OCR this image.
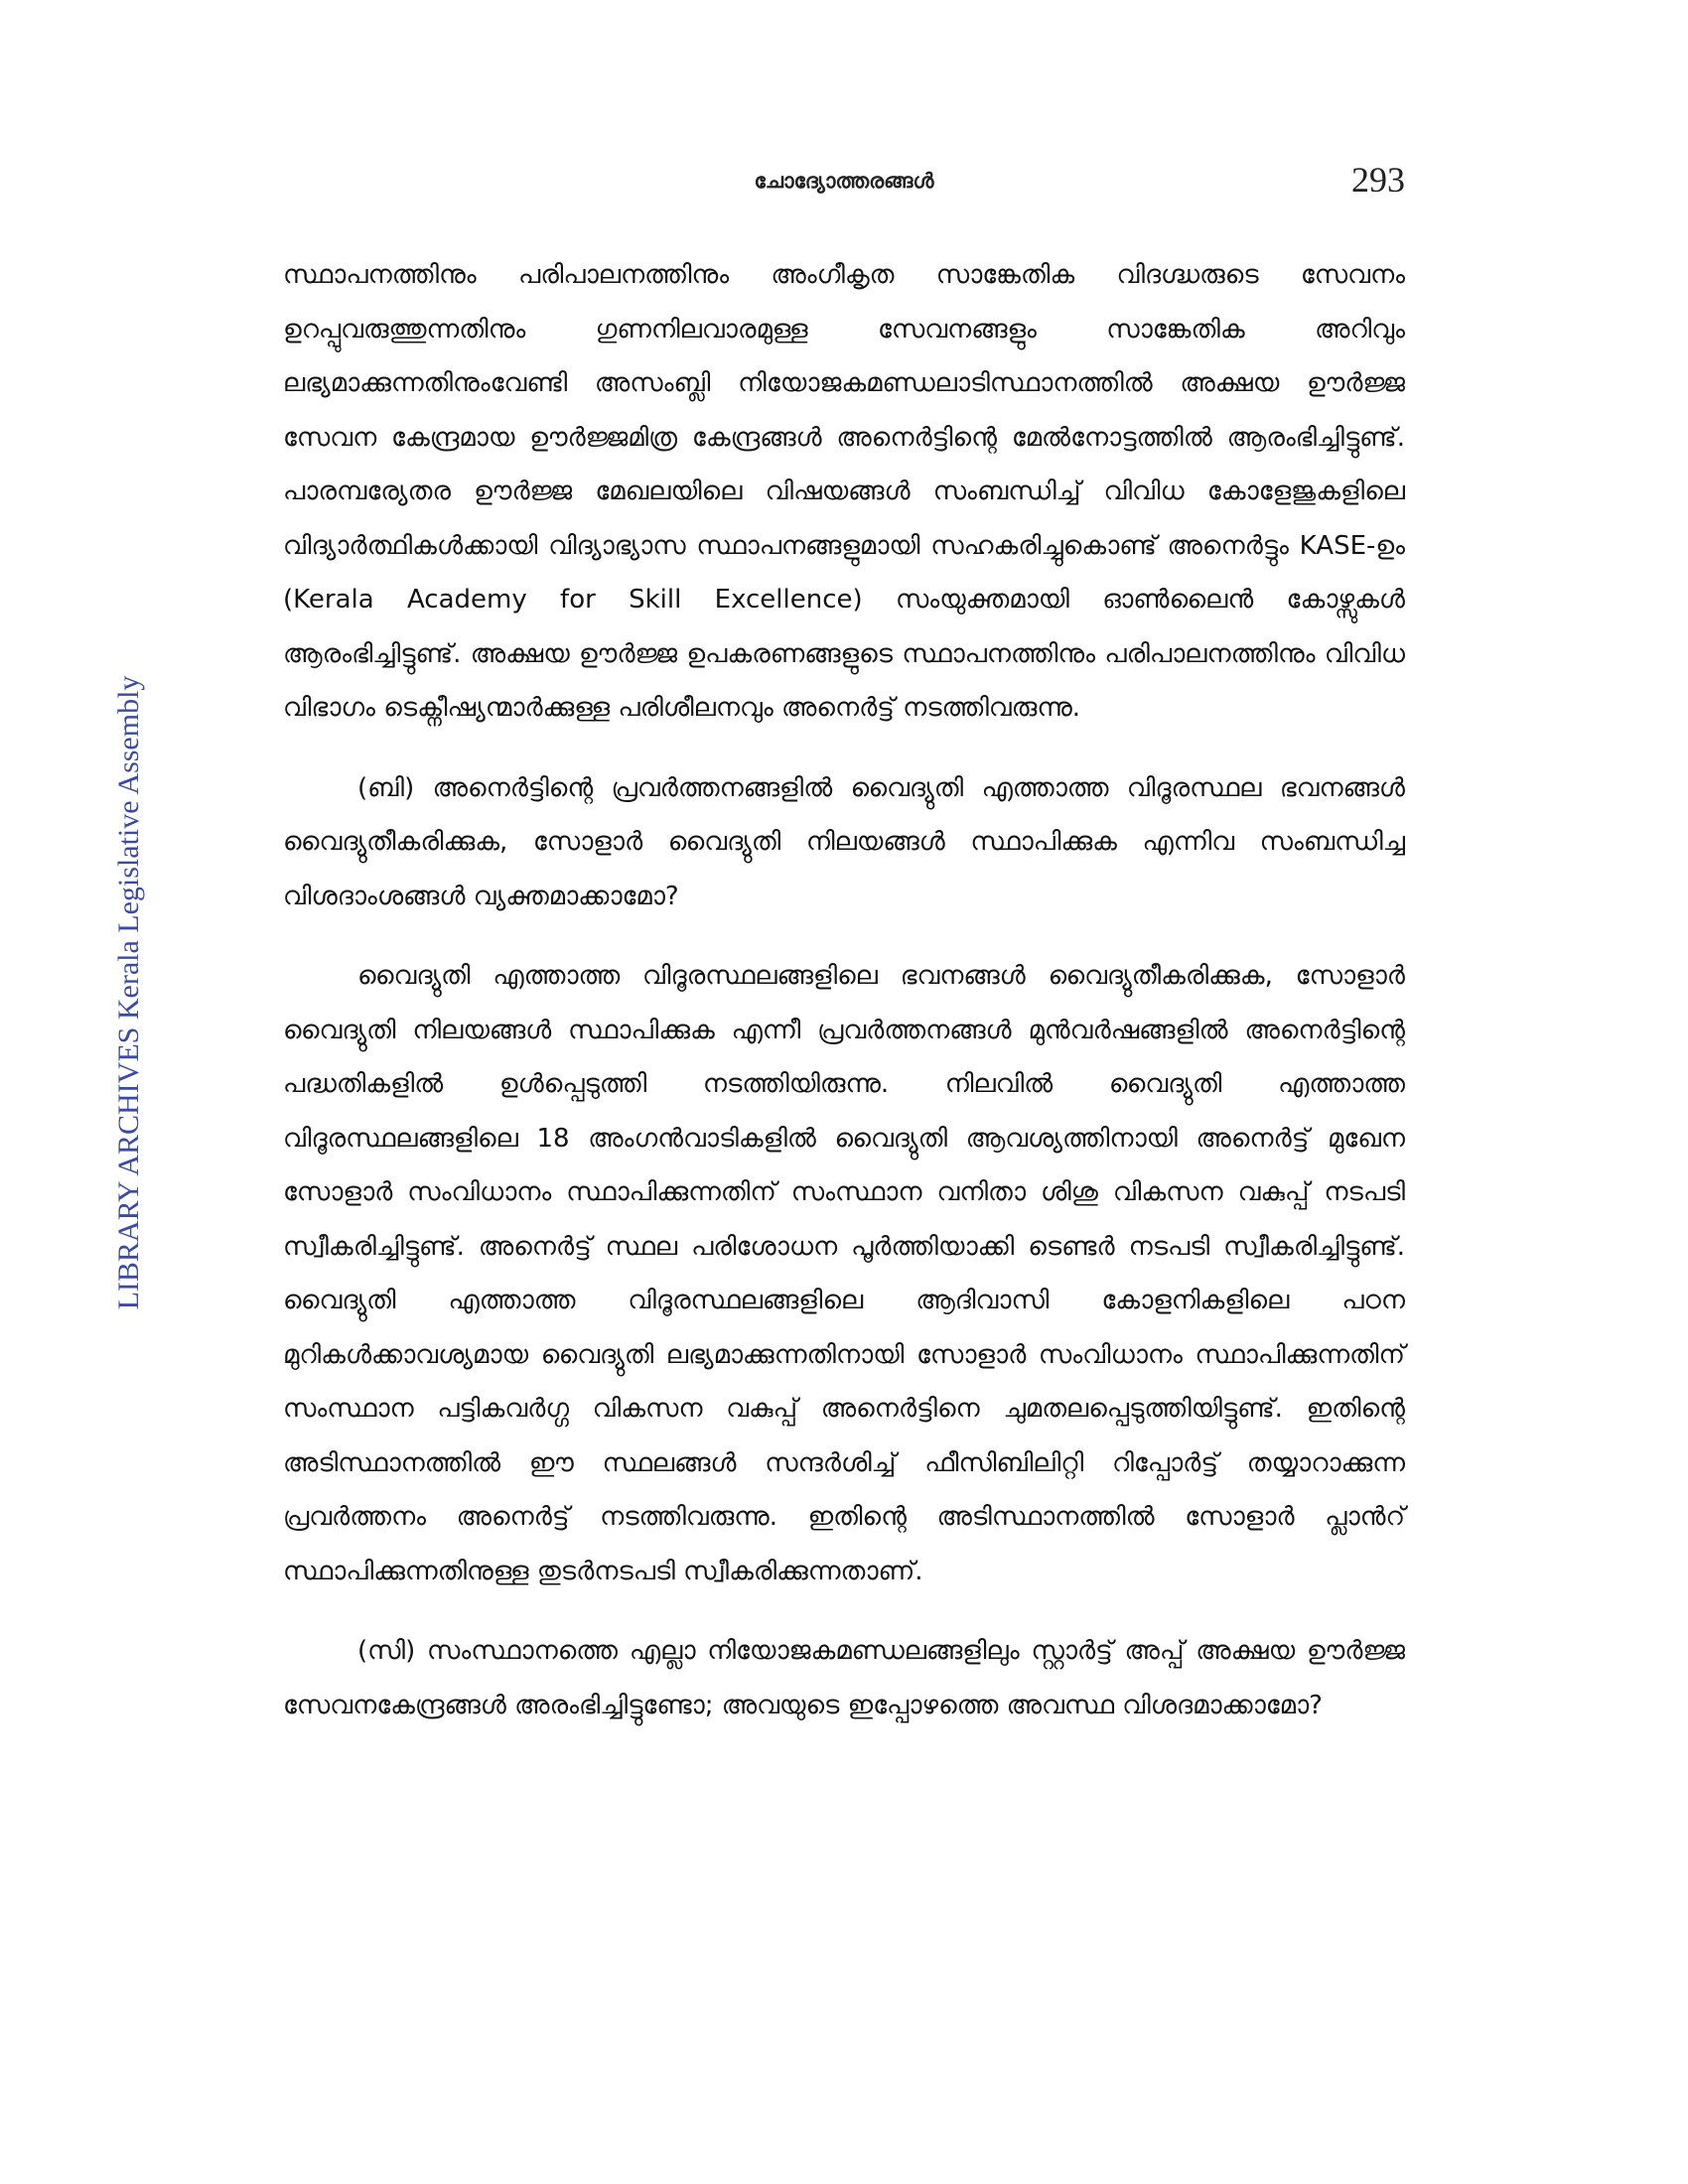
ചോദ്യോത്തരങ്ങൾ	293
LIBRARY ARCHIVES Kerala Legislative Assembly

സ്ഥാപനത്തിനും പരിപാലനത്തിനും അംഗീകൃത സാങ്കേതിക വിദഗ്ദ്ധരുടെ സേവനം ഉറപ്പുവരുത്തുന്നതിനും ഗുണനിലവാരമുള്ള സേവനങ്ങളും സാങ്കേതിക അറിവും ലഭ്യമാക്കുന്നതിനുംവേണ്ടി അസംബ്ലി നിയോജകമണ്ഡലാടിസ്ഥാനത്തിൽ അക്ഷയ ഊർജ്ജ സേവന കേന്ദ്രമായ ഊർജ്ജമിത്ര കേന്ദ്രങ്ങൾ അനെർട്ടിന്റെ മേൽനോട്ടത്തിൽ ആരംഭിച്ചിട്ടുണ്ട്. പാരമ്പര്യേതര ഊർജ്ജ മേഖലയിലെ വിഷയങ്ങൾ സംബന്ധിച്ച് വിവിധ കോളേജുകളിലെ വിദ്യാർത്ഥികൾക്കായി വിദ്യാഭ്യാസ സ്ഥാപനങ്ങളുമായി സഹകരിച്ചുകൊണ്ട് അനെർട്ടും KASE-ഉം (Kerala Academy for Skill Excellence) സംയുക്തമായി ഓൺലൈൻ കോഴ്സുകൾ ആരംഭിച്ചിട്ടുണ്ട്. അക്ഷയ ഊർജ്ജ ഉപകരണങ്ങളുടെ സ്ഥാപനത്തിനും പരിപാലനത്തിനും വിവിധ വിഭാഗം ടെക്നീഷ്യന്മാർക്കുള്ള പരിശീലനവും അനെർട്ട് നടത്തിവരുന്നു.

(ബി) അനെർട്ടിന്റെ പ്രവർത്തനങ്ങളിൽ വൈദ്യുതി എത്താത്ത വിദൂരസ്ഥല ഭവനങ്ങൾ വൈദ്യുതീകരിക്കുക, സോളാർ വൈദ്യുതി നിലയങ്ങൾ സ്ഥാപിക്കുക എന്നിവ സംബന്ധിച്ച വിശദാംശങ്ങൾ വ്യക്തമാക്കാമോ?

വൈദ്യുതി എത്താത്ത വിദൂരസ്ഥലങ്ങളിലെ ഭവനങ്ങൾ വൈദ്യുതീകരിക്കുക, സോളാർ വൈദ്യുതി നിലയങ്ങൾ സ്ഥാപിക്കുക എന്നീ പ്രവർത്തനങ്ങൾ മുൻവർഷങ്ങളിൽ അനെർട്ടിന്റെ പദ്ധതികളിൽ ഉൾപ്പെടുത്തി നടത്തിയിരുന്നു. നിലവിൽ വൈദ്യുതി എത്താത്ത വിദൂരസ്ഥലങ്ങളിലെ 18 അംഗൻവാടികളിൽ വൈദ്യുതി ആവശ്യത്തിനായി അനെർട്ട് മുഖേന സോളാർ സംവിധാനം സ്ഥാപിക്കുന്നതിന് സംസ്ഥാന വനിതാ ശിശു വികസന വകുപ്പ് നടപടി സ്വീകരിച്ചിട്ടുണ്ട്. അനെർട്ട് സ്ഥല പരിശോധന പൂർത്തിയാക്കി ടെണ്ടർ നടപടി സ്വീകരിച്ചിട്ടുണ്ട്. വൈദ്യുതി എത്താത്ത വിദൂരസ്ഥലങ്ങളിലെ ആദിവാസി കോളനികളിലെ പഠന മുറികൾക്കാവശ്യമായ വൈദ്യുതി ലഭ്യമാക്കുന്നതിനായി സോളാർ സംവിധാനം സ്ഥാപിക്കുന്നതിന് സംസ്ഥാന പട്ടികവർഗ്ഗ വികസന വകുപ്പ് അനെർട്ടിനെ ചുമതലപ്പെടുത്തിയിട്ടുണ്ട്. ഇതിന്റെ അടിസ്ഥാനത്തിൽ ഈ സ്ഥലങ്ങൾ സന്ദർശിച്ച് ഫീസിബിലിറ്റി റിപ്പോർട്ട് തയ്യാറാക്കുന്ന പ്രവർത്തനം അനെർട്ട് നടത്തിവരുന്നു. ഇതിന്റെ അടിസ്ഥാനത്തിൽ സോളാർ പ്ലാൻറ് സ്ഥാപിക്കുന്നതിനുള്ള തുടർനടപടി സ്വീകരിക്കുന്നതാണ്.

(സി) സംസ്ഥാനത്തെ എല്ലാ നിയോജകമണ്ഡലങ്ങളിലും സ്റ്റാർട്ട് അപ്പ് അക്ഷയ ഊർജ്ജ സേവനകേന്ദ്രങ്ങൾ അരംഭിച്ചിട്ടുണ്ടോ; അവയുടെ ഇപ്പോഴത്തെ അവസ്ഥ വിശദമാക്കാമോ?
